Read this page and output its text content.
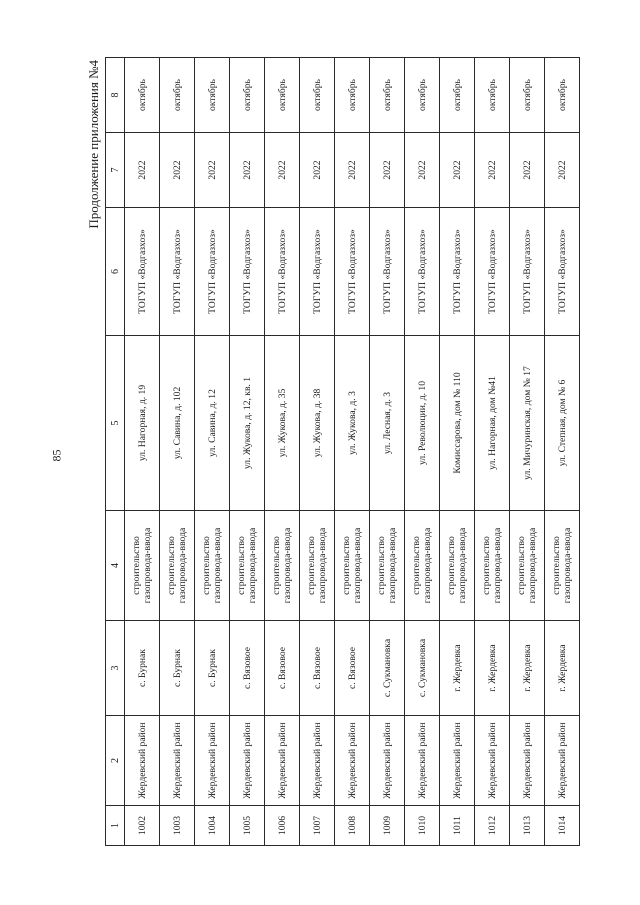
85
Продолжение приложения №4
1	2	3	4	5	6	7	8
1002	Жердевский район	с. Бурнак	строительство газопровода-ввода	ул. Нагорная, д. 19	ТОГУП «Водгазхоз»	2022	октябрь
1003	Жердевский район	с. Бурнак	строительство газопровода-ввода	ул. Савина, д. 102	ТОГУП «Водгазхоз»	2022	октябрь
1004	Жердевский район	с. Бурнак	строительство газопровода-ввода	ул. Савина, д. 12	ТОГУП «Водгазхоз»	2022	октябрь
1005	Жердевский район	с. Вязовое	строительство газопровода-ввода	ул. Жукова, д. 12, кв. 1	ТОГУП «Водгазхоз»	2022	октябрь
1006	Жердевский район	с. Вязовое	строительство газопровода-ввода	ул. Жукова, д. 35	ТОГУП «Водгазхоз»	2022	октябрь
1007	Жердевский район	с. Вязовое	строительство газопровода-ввода	ул. Жукова, д. 38	ТОГУП «Водгазхоз»	2022	октябрь
1008	Жердевский район	с. Вязовое	строительство газопровода-ввода	ул. Жукова, д. 3	ТОГУП «Водгазхоз»	2022	октябрь
1009	Жердевский район	с. Сукмановка	строительство газопровода-ввода	ул. Лесная, д. 3	ТОГУП «Водгазхоз»	2022	октябрь
1010	Жердевский район	с. Сукмановка	строительство газопровода-ввода	ул. Революции, д. 10	ТОГУП «Водгазхоз»	2022	октябрь
1011	Жердевский район	г. Жердевка	строительство газопровода-ввода	Комиссарова, дом № 110	ТОГУП «Водгазхоз»	2022	октябрь
1012	Жердевский район	г. Жердевка	строительство газопровода-ввода	ул. Нагорная, дом №41	ТОГУП «Водгазхоз»	2022	октябрь
1013	Жердевский район	г. Жердевка	строительство газопровода-ввода	ул. Мичуринская, дом № 17	ТОГУП «Водгазхоз»	2022	октябрь
1014	Жердевский район	г. Жердевка	строительство газопровода-ввода	ул. Степная, дом № 6	ТОГУП «Водгазхоз»	2022	октябрь
